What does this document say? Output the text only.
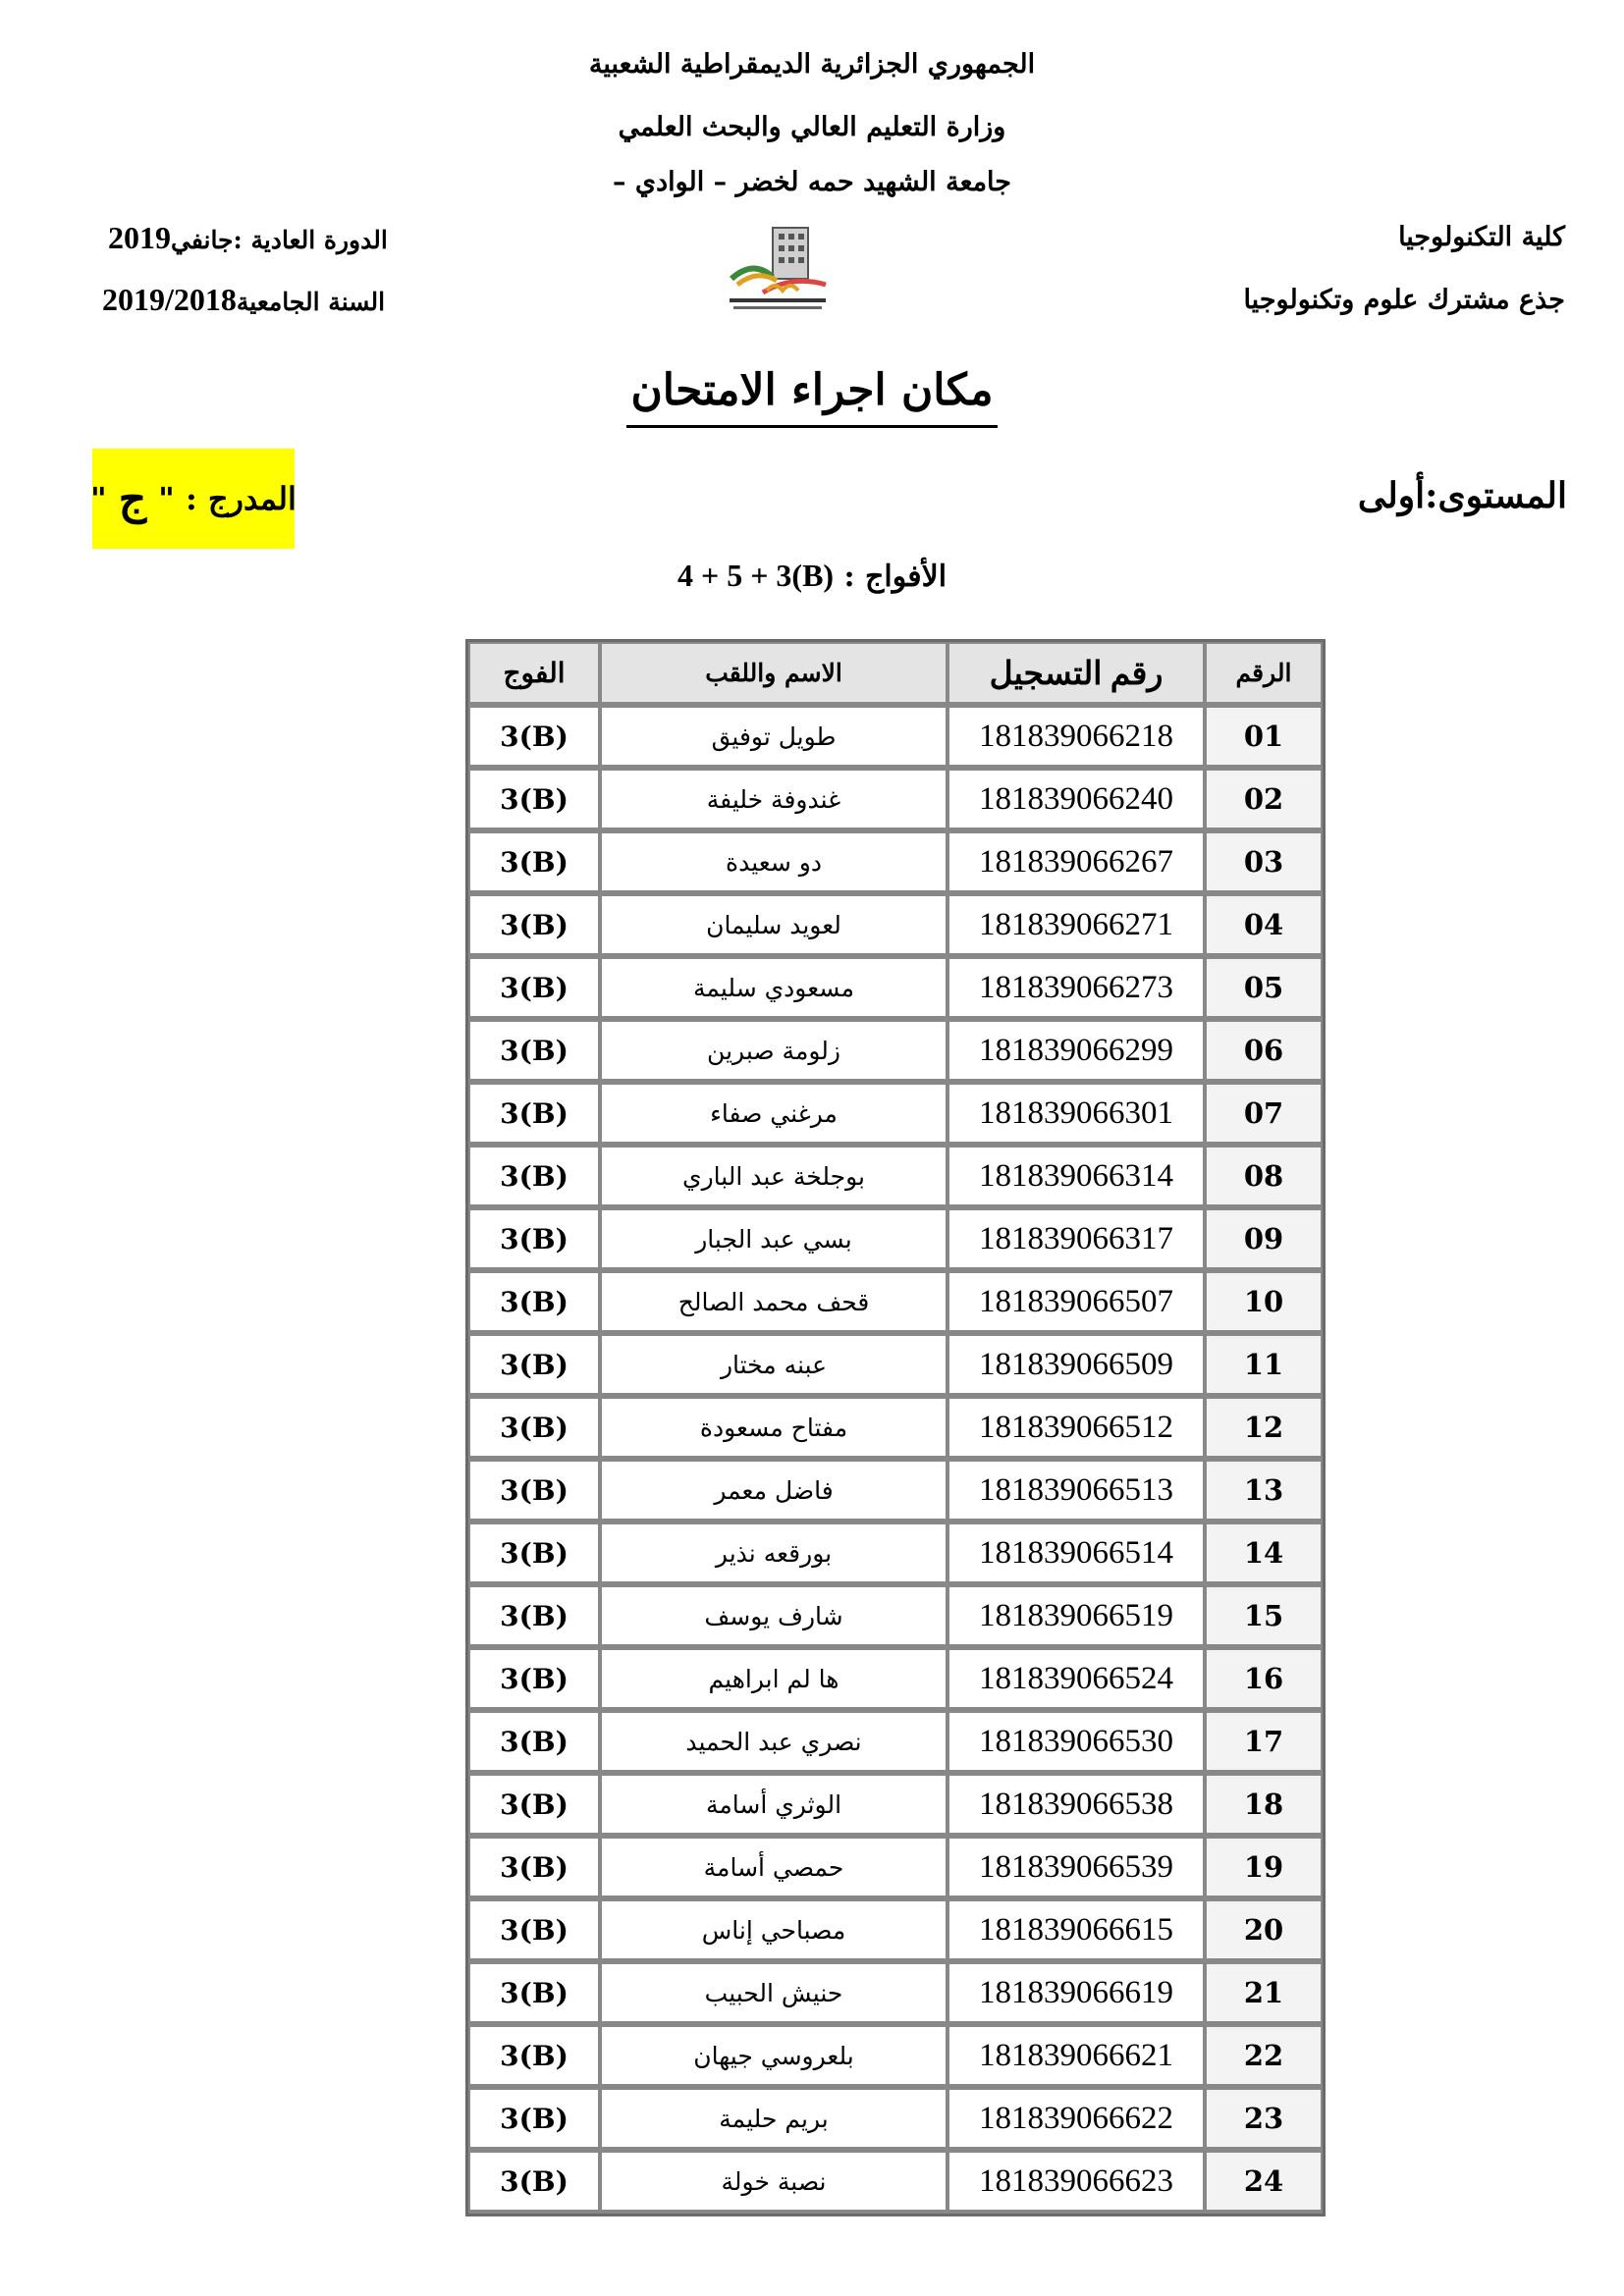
الجمهوري الجزائرية الديمقراطية الشعبية
وزارة التعليم العالي والبحث العلمي
جامعة الشهيد حمه لخضر – الوادي –
كلية التكنولوجيا
جذع مشترك علوم وتكنولوجيا
الدورة العادية :جانفي2019
السنة الجامعية2019/2018
مكان اجراء الامتحان
المستوى:أولى
المدرج : "
ج
"
الأفواج : 4 + 5 + 3(B)
الرقم	رقم التسجيل	الاسم واللقب	الفوج
01	181839066218	طويل توفيق	3(B)
02	181839066240	غندوفة خليفة	3(B)
03	181839066267	دو سعيدة	3(B)
04	181839066271	لعويد سليمان	3(B)
05	181839066273	مسعودي سليمة	3(B)
06	181839066299	زلومة صبرين	3(B)
07	181839066301	مرغني صفاء	3(B)
08	181839066314	بوجلخة عبد الباري	3(B)
09	181839066317	بسي عبد الجبار	3(B)
10	181839066507	قحف محمد الصالح	3(B)
11	181839066509	عبنه مختار	3(B)
12	181839066512	مفتاح مسعودة	3(B)
13	181839066513	فاضل معمر	3(B)
14	181839066514	بورقعه نذير	3(B)
15	181839066519	شارف يوسف	3(B)
16	181839066524	ها لم ابراهيم	3(B)
17	181839066530	نصري عبد الحميد	3(B)
18	181839066538	الوثري أسامة	3(B)
19	181839066539	حمصي أسامة	3(B)
20	181839066615	مصباحي إناس	3(B)
21	181839066619	حنيش الحبيب	3(B)
22	181839066621	بلعروسي جيهان	3(B)
23	181839066622	بريم حليمة	3(B)
24	181839066623	نصبة خولة	3(B)
